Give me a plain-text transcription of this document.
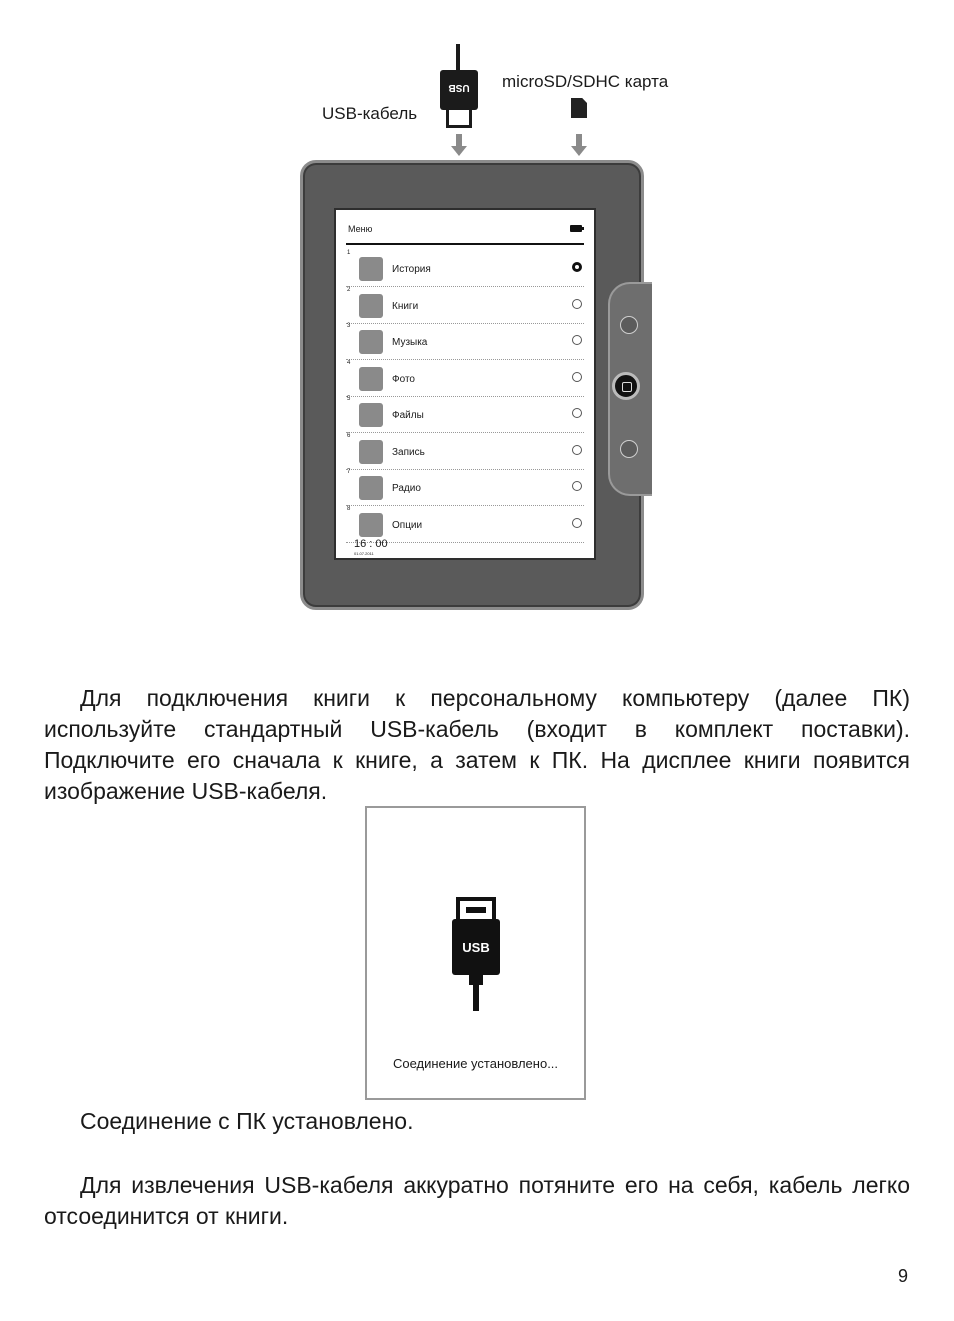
USB
USB-кабель
microSD/SDHC карта
Меню
1
История
2
Книги
3
Музыка
4
Фото
5
Файлы
6
Запись
7
Радио
8
Опции
16 : 00
01.07.2011
Для подключения книги к персональному компьютеру (далее ПК) используйте стандартный USB-кабель (входит в комплект поставки). Подключите его сначала к книге, а затем к ПК. На дисплее книги появится изображение USB-кабеля.
USB
Соединение установлено...
Соединение с ПК установлено.
Для извлечения USB-кабеля аккуратно потяните его на себя, кабель легко отсоединится от книги.
9
